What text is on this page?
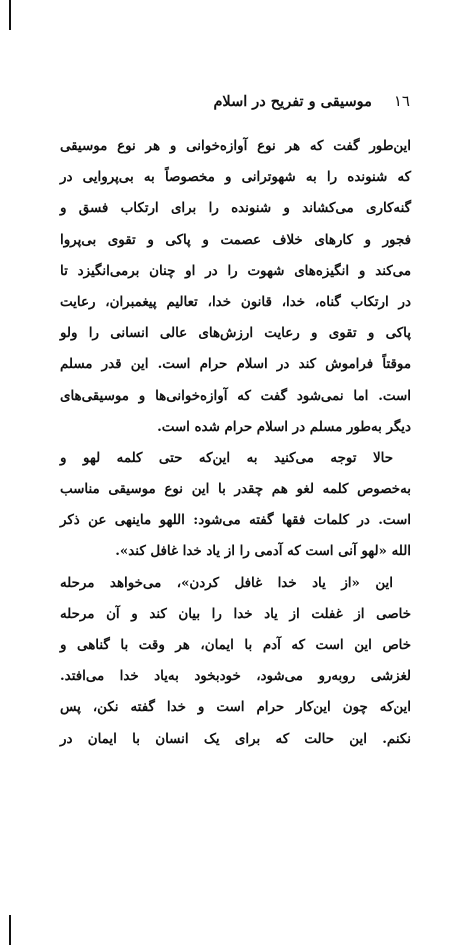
١٦
موسیقی و تفریح در اسلام
این‌طور گفت که هر نوع آوازه‌خوانی و هر نوع موسیقی
که شنونده را به شهوترانی و مخصوصاً به بی‌پروایی در
گنه‌کاری می‌کشاند و شنونده را برای ارتکاب فسق و
فجور و کارهای خلاف عصمت و پاکی و تقوی بی‌پروا
می‌کند و انگیزه‌های شهوت را در او چنان برمی‌انگیزد تا
در ارتکاب گناه، خدا، قانون خدا، تعالیم پیغمبران، رعایت
پاکی و تقوی و رعایت ارزش‌های عالی انسانی را ولو
موقتاً فراموش کند در اسلام حرام است. این قدر مسلم
است. اما نمی‌شود گفت که آوازه‌خوانی‌ها و موسیقی‌های
دیگر به‌طور مسلم در اسلام حرام شده است.
حالا توجه می‌کنید به این‌که حتی کلمه لهو و
به‌خصوص کلمه لغو هم چقدر با این نوع موسیقی مناسب
است. در کلمات فقها گفته می‌شود: اللهو ماینهی عن ذکر
الله «لهو آنی است که آدمی را از یاد خدا غافل کند».
این «از یاد خدا غافل کردن»، می‌خواهد مرحله
خاصی از غفلت از یاد خدا را بیان کند و آن مرحله
خاص این است که آدم با ایمان، هر وقت با گناهی و
لغزشی روبه‌رو می‌شود، خودبخود به‌یاد خدا می‌افتد.
این‌که چون این‌کار حرام است و خدا گفته نکن، پس
نکنم. این حالت که برای یک انسان با ایمان در
